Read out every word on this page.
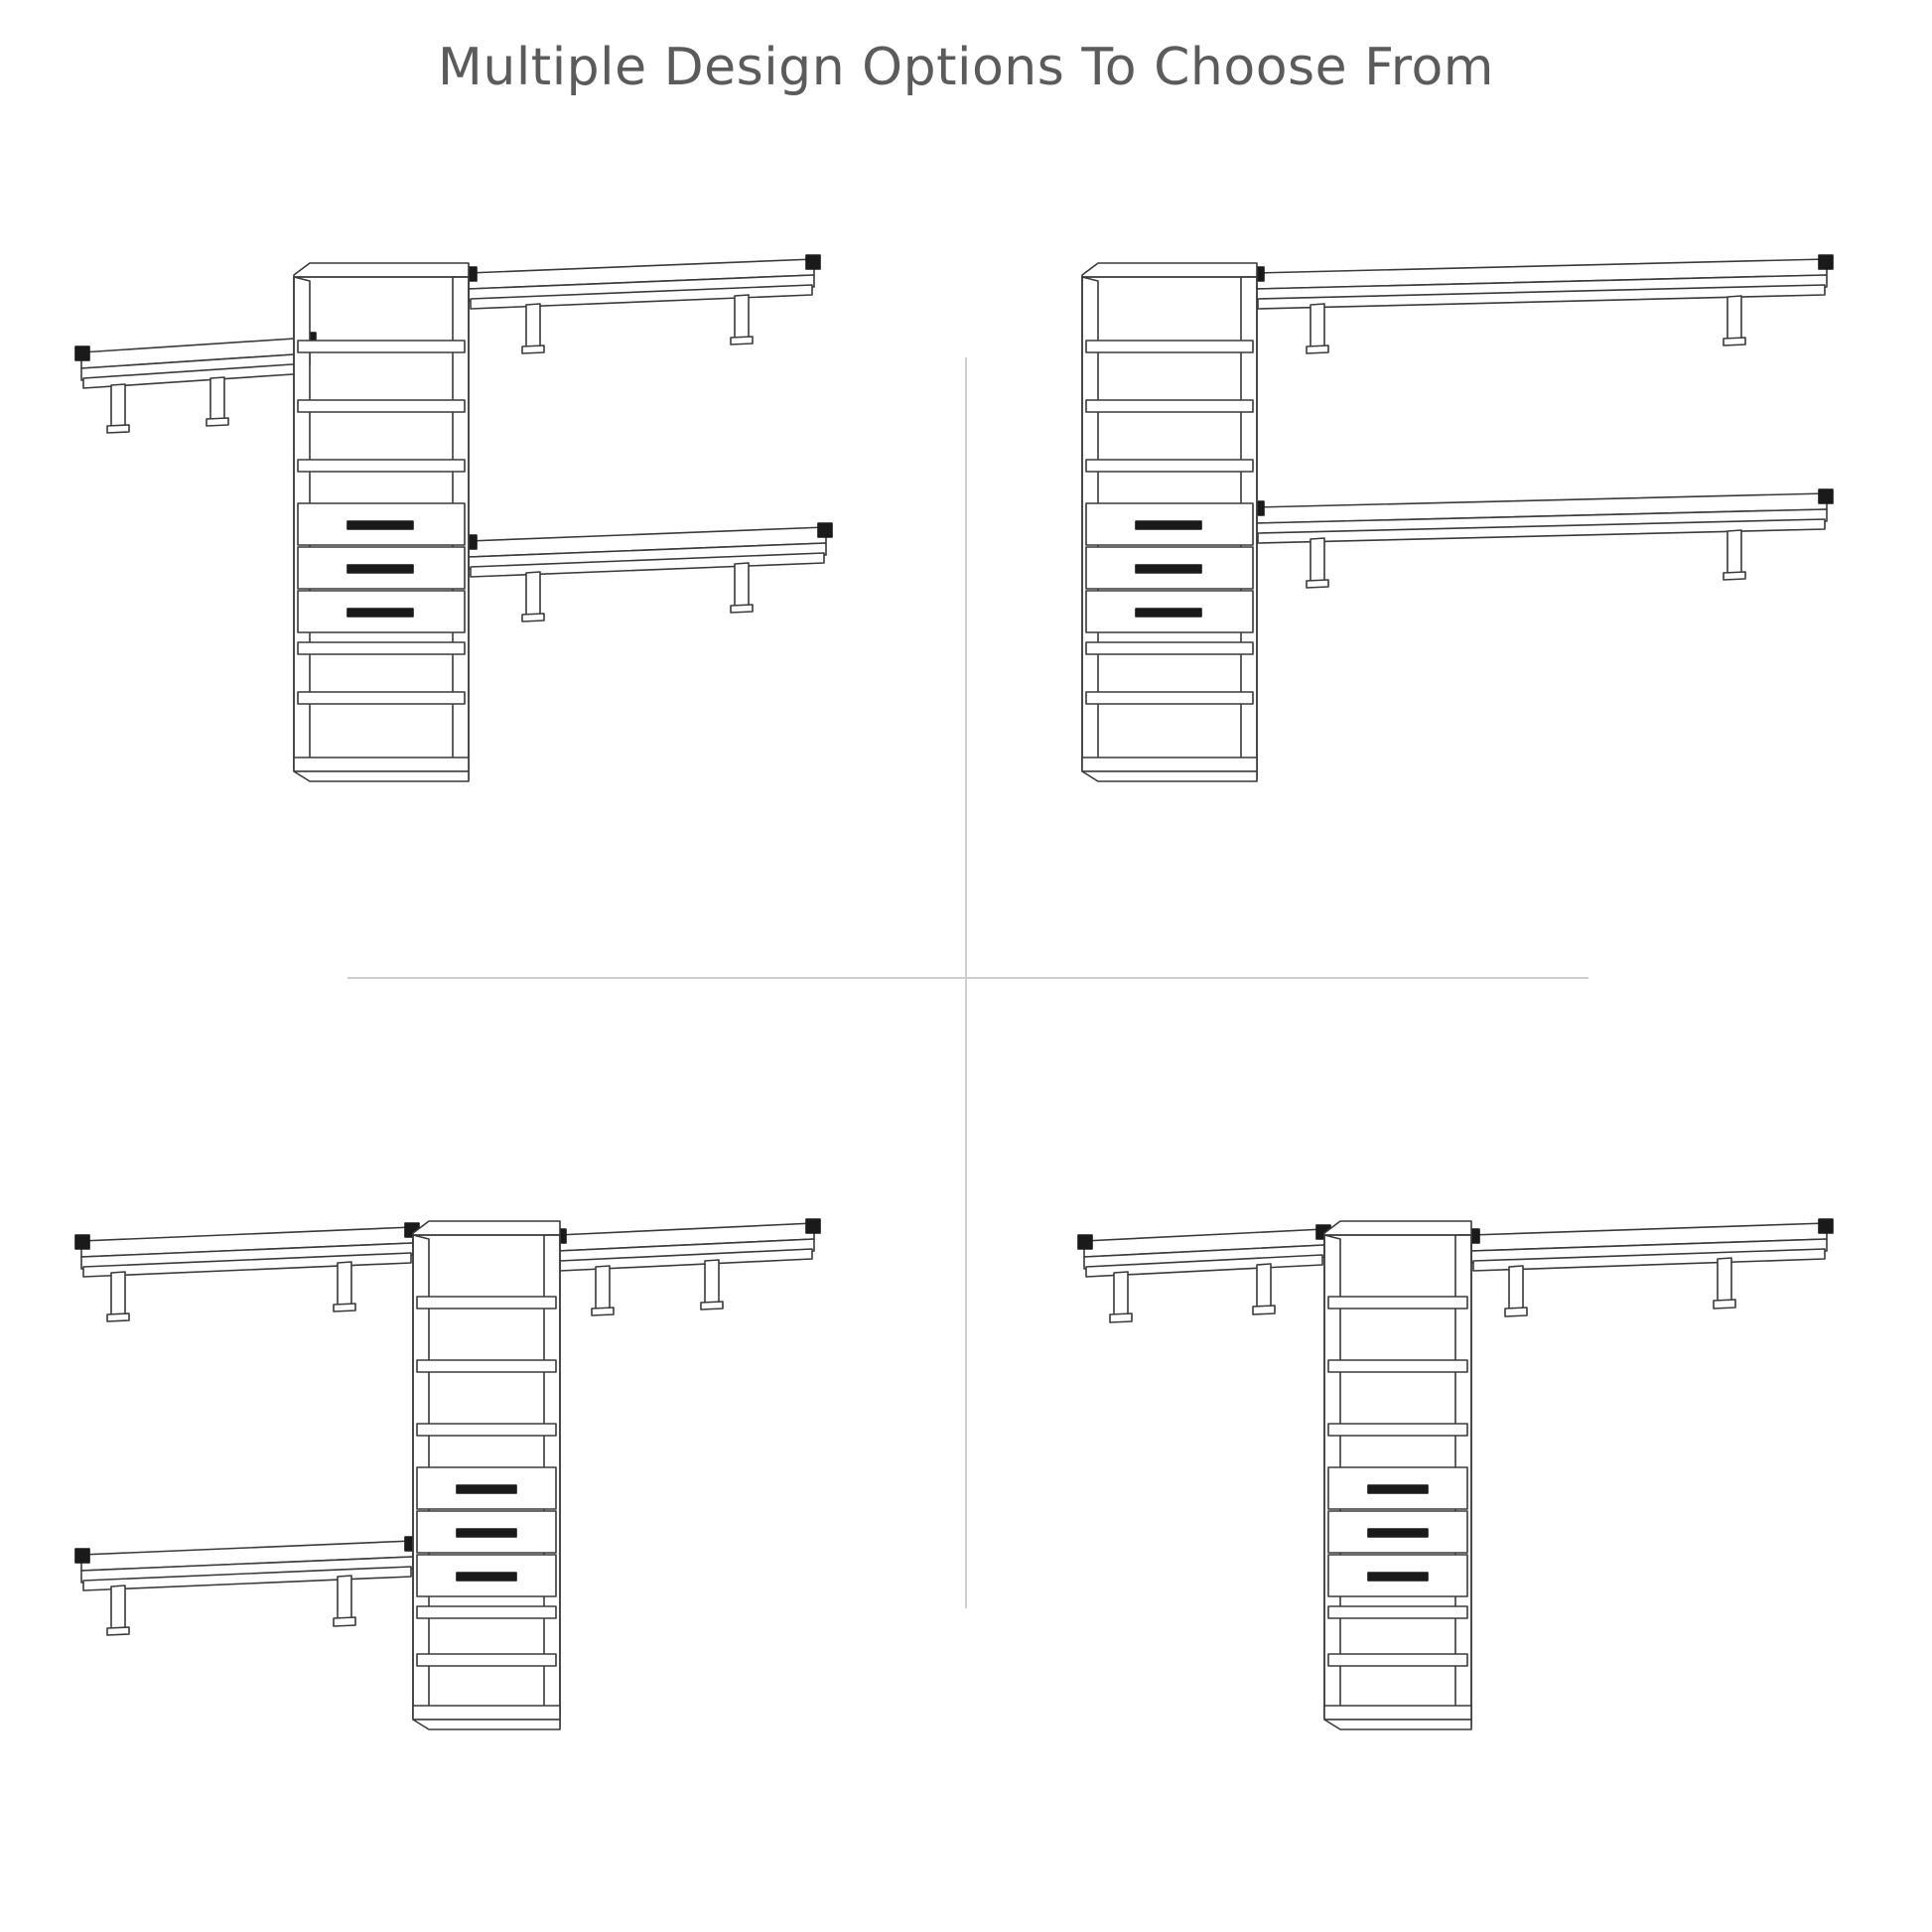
Multiple Design Options To Choose From
